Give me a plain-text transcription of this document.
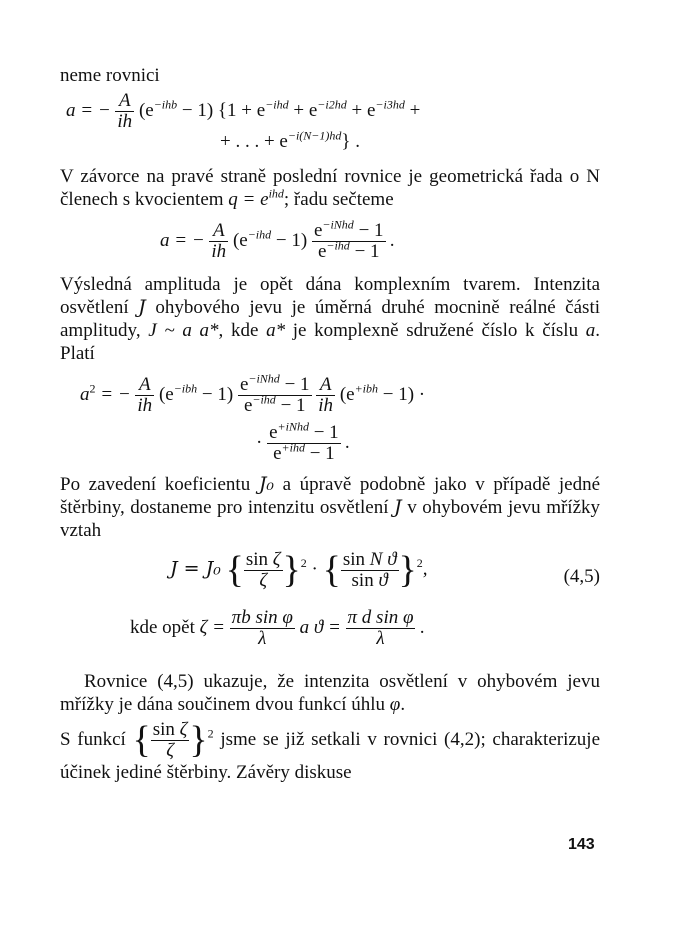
neme rovnici

a = − $\frac{A}{ih} (e^{-ihb} - 1) \{1 + e^{-ihd} + e^{-i2hd} + e^{-i3hd}$ +
+ . . . + $e^{-i(N-1)hd}$} .

V závorce na pravé straně poslední rovnice je geometrická řada o N členech s kvocientem $q = e^{ihd}$; řadu sečteme

a = − $\frac{A}{ih} (e^{-ihd} - 1) \frac{e^{-iNhd} - 1}{e^{-ihd} - 1}$ .

Výsledná amplituda je opět dána komplexním tvarem. Intenzita osvětlení J ohybového jevu je úměrná druhé mocnině reálné části amplitudy, J ~ a a*, kde a* je komplexně sdružené číslo k číslu a. Platí

$a^2$ = − $\frac{A}{ih} (e^{-ibh} - 1) \frac{e^{-iNhd} - 1}{e^{-ihd} - 1}$
$\frac{A}{ih} (e^{+ibh} - 1)$ ·
· $\frac{e^{+iNhd} - 1}{e^{+ihd} - 1}$ .

Po zavedení koeficientu J₀ a úpravě podobně jako v případě jedné štěrbiny, dostaneme pro intenzitu osvětlení J v ohybovém jevu mřížky vztah

J = J₀ { $\frac{\text{sin ζ}}{\zeta} \}^2$ · { $\frac{\text{sin N ϑ}}{\text{sin ϑ}} \}^2$,	(4,5)
kde opět $\zeta = \frac{\text{πb sin φ}}{\lambda}$ a $ϑ = \frac{\text{π d sin φ}}{\lambda}$ .

Rovnice (4,5) ukazuje, že intenzita osvětlení v ohybovém jevu mřížky je dána součinem dvou funkcí úhlu φ.

S funkcí { $\frac{\text{sin ζ}}{\zeta} \}^2$ jsme se již setkali v rovnici (4,2); charakterizuje účinek jediné štěrbiny. Závěry diskuse

143
